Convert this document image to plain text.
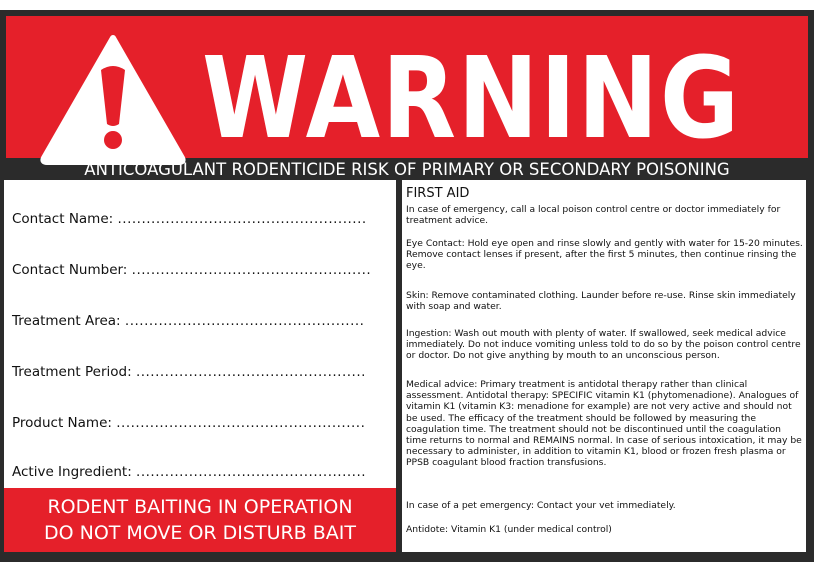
WARNING
ANTICOAGULANT RODENTICIDE RISK OF PRIMARY OR SECONDARY POISONING
Contact Name: ....................................................
Contact Number: ..................................................
Treatment Area: ..................................................
Treatment Period: ................................................
Product Name: ....................................................
Active Ingredient: ................................................
RODENT BAITING IN OPERATION
DO NOT MOVE OR DISTURB BAIT
FIRST AID
In case of emergency, call a local poison control centre or doctor immediately for treatment advice.
Eye Contact: Hold eye open and rinse slowly and gently with water for 15-20 minutes. Remove contact lenses if present, after the first 5 minutes, then continue rinsing the eye.
Skin: Remove contaminated clothing. Launder before re-use. Rinse skin immediately with soap and water.
Ingestion: Wash out mouth with plenty of water. If swallowed, seek medical advice immediately. Do not induce vomiting unless told to do so by the poison control centre or doctor. Do not give anything by mouth to an unconscious person.
Medical advice: Primary treatment is antidotal therapy rather than clinical assessment. Antidotal therapy: SPECIFIC vitamin K1 (phytomenadione). Analogues of vitamin K1 (vitamin K3: menadione for example) are not very active and should not be used. The efficacy of the treatment should be followed by measuring the coagulation time. The treatment should not be discontinued until the coagulation time returns to normal and REMAINS normal. In case of serious intoxication, it may be necessary to administer, in addition to vitamin K1, blood or frozen fresh plasma or PPSB coagulant blood fraction transfusions.
In case of a pet emergency: Contact your vet immediately.
Antidote: Vitamin K1 (under medical control)
